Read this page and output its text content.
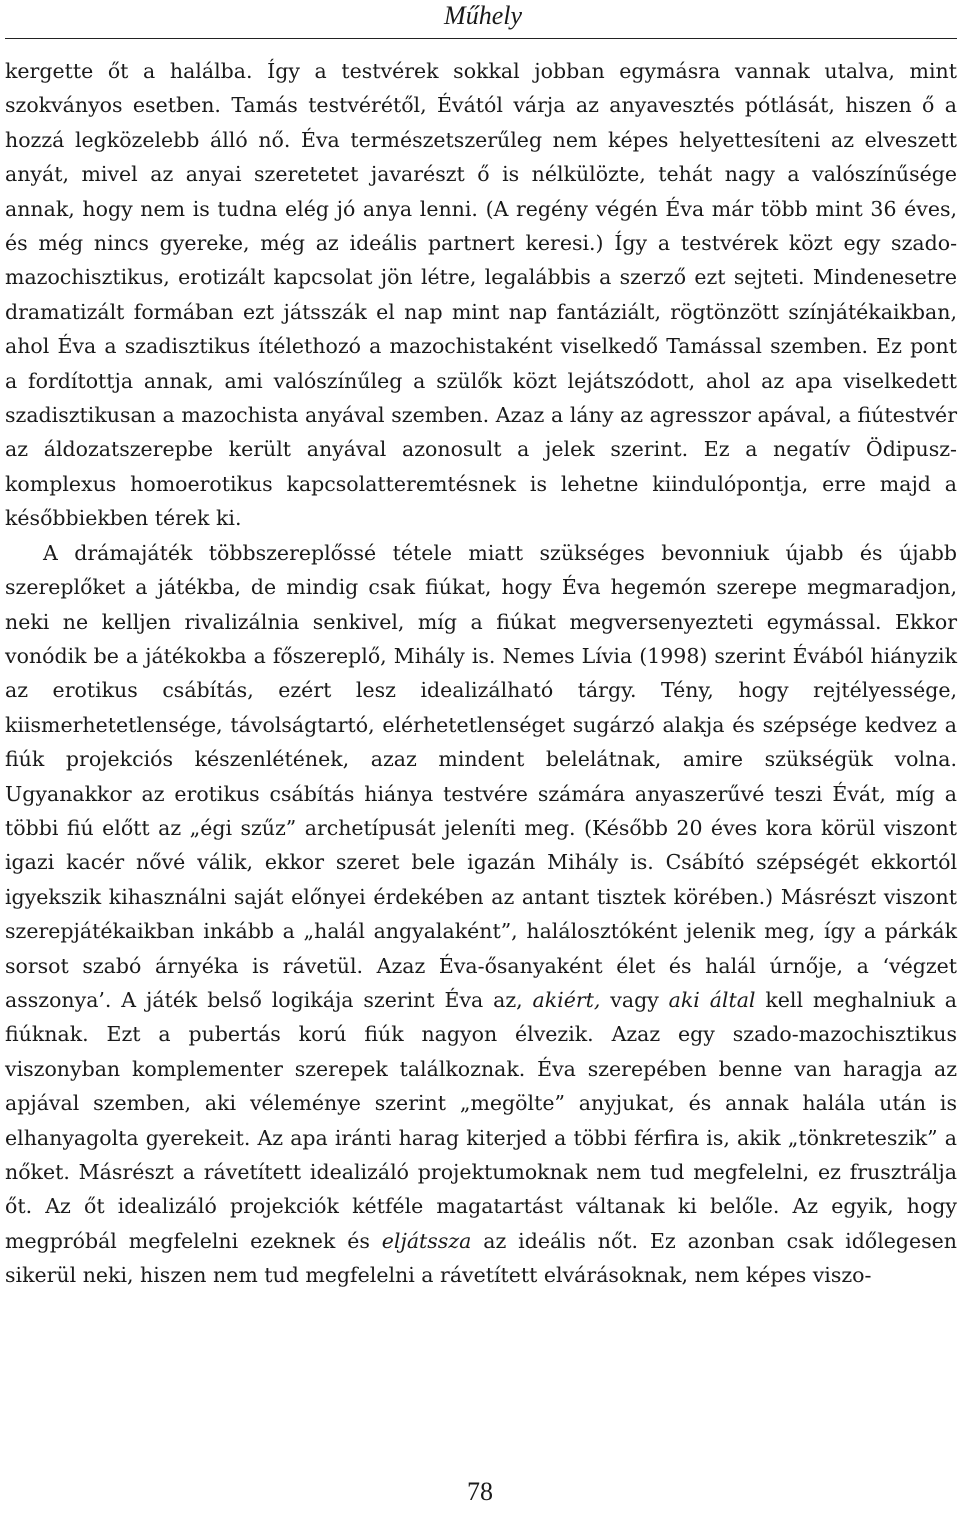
Műhely

kergette őt a halálba. Így a testvérek sokkal jobban egymásra vannak utalva, mint szokványos esetben. Tamás testvérétől, Évától várja az anyavesztés pótlását, hiszen ő a hozzá legközelebb álló nő. Éva természetszerűleg nem képes helyettesíteni az elveszett anyát, mivel az anyai szeretetet javarészt ő is nélkülözte, tehát nagy a valószínűsége annak, hogy nem is tudna elég jó anya lenni. (A regény végén Éva már több mint 36 éves, és még nincs gyereke, még az ideális partnert keresi.) Így a testvérek közt egy szado-mazochisztikus, erotizált kapcsolat jön létre, legalábbis a szerző ezt sejteti. Mindenesetre dramatizált formában ezt játsszák el nap mint nap fantáziált, rögtönzött színjátékaikban, ahol Éva a szadisztikus ítélethozó a mazochistaként viselkedő Tamással szemben. Ez pont a fordítottja annak, ami valószínűleg a szülők közt lejátszódott, ahol az apa viselkedett szadisztikusan a mazochista anyával szemben. Azaz a lány az agresszor apával, a fiútestvér az áldozatszerepbe került anyával azonosult a jelek szerint. Ez a negatív Ödipusz-komplexus homoerotikus kapcsolatteremtésnek is lehetne kiindulópontja, erre majd a későbbiekben térek ki.

A drámajáték többszereplőssé tétele miatt szükséges bevonniuk újabb és újabb szereplőket a játékba, de mindig csak fiúkat, hogy Éva hegemón szerepe megmaradjon, neki ne kelljen rivalizálnia senkivel, míg a fiúkat megversenyezteti egymással. Ekkor vonódik be a játékokba a főszereplő, Mihály is. Nemes Lívia (1998) szerint Évából hiányzik az erotikus csábítás, ezért lesz idealizálható tárgy. Tény, hogy rejtélyessége, kiismerhetetlensége, távolságtartó, elérhetetlenséget sugárzó alakja és szépsége kedvez a fiúk projekciós készenlétének, azaz mindent belelátnak, amire szükségük volna. Ugyanakkor az erotikus csábítás hiánya testvére számára anyaszerűvé teszi Évát, míg a többi fiú előtt az „égi szűz” archetípusát jeleníti meg. (Később 20 éves kora körül viszont igazi kacér nővé válik, ekkor szeret bele igazán Mihály is. Csábító szépségét ekkortól igyekszik kihasználni saját előnyei érdekében az antant tisztek körében.) Másrészt viszont szerepjátékaikban inkább a „halál angyalaként”, halálosztóként jelenik meg, így a párkák sorsot szabó árnyéka is rávetül. Azaz Éva-ősanyaként élet és halál úrnője, a ‘végzet asszonya’. A játék belső logikája szerint Éva az, akiért, vagy aki által kell meghalniuk a fiúknak. Ezt a pubertás korú fiúk nagyon élvezik. Azaz egy szado-mazochisztikus viszonyban komplementer szerepek találkoznak. Éva szerepében benne van haragja az apjával szemben, aki véleménye szerint „megölte” anyjukat, és annak halála után is elhanyagolta gyerekeit. Az apa iránti harag kiterjed a többi férfira is, akik „tönkreteszik” a nőket. Másrészt a rávetített idealizáló projektumoknak nem tud megfelelni, ez frusztrálja őt. Az őt idealizáló projekciók kétféle magatartást váltanak ki belőle. Az egyik, hogy megpróbál megfelelni ezeknek és eljátssza az ideális nőt. Ez azonban csak időlegesen sikerül neki, hiszen nem tud megfelelni a rávetített elvárásoknak, nem képes viszo-

78
